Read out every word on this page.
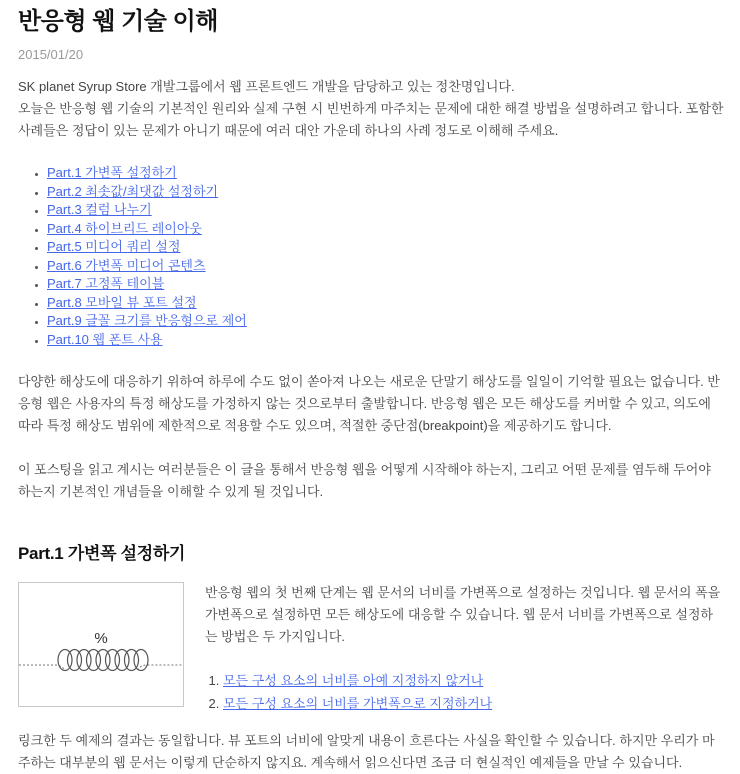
반응형 웹 기술 이해

2015/01/20

SK planet Syrup Store 개발그룹에서 웹 프론트엔드 개발을 담당하고 있는 정찬명입니다.
오늘은 반응형 웹 기술의 기본적인 원리와 실제 구현 시 빈번하게 마주치는 문제에 대한 해결 방법을 설명하려고 합니다. 포함한 사례들은 정답이 있는 문제가 아니기 때문에 여러 대안 가운데 하나의 사례 정도로 이해해 주세요.

• Part.1 가변폭 설정하기
• Part.2 최솟값/최댓값 설정하기
• Part.3 컬럼 나누기
• Part.4 하이브리드 레이아웃
• Part.5 미디어 쿼리 설정
• Part.6 가변폭 미디어 콘텐츠
• Part.7 고정폭 테이블
• Part.8 모바일 뷰 포트 설정
• Part.9 글꼴 크기를 반응형으로 제어
• Part.10 웹 폰트 사용

다양한 해상도에 대응하기 위하여 하루에 수도 없이 쏟아져 나오는 새로운 단말기 해상도를 일일이 기억할 필요는 없습니다. 반응형 웹은 사용자의 특정 해상도를 가정하지 않는 것으로부터 출발합니다. 반응형 웹은 모든 해상도를 커버할 수 있고, 의도에 따라 특정 해상도 범위에 제한적으로 적용할 수도 있으며, 적절한 중단점(breakpoint)을 제공하기도 합니다.

이 포스팅을 읽고 계시는 여러분들은 이 글을 통해서 반응형 웹을 어떻게 시작해야 하는지, 그리고 어떤 문제를 염두해 두어야 하는지 기본적인 개념들을 이해할 수 있게 될 것입니다.

Part.1 가변폭 설정하기
%

반응형 웹의 첫 번째 단계는 웹 문서의 너비를 가변폭으로 설정하는 것입니다. 웹 문서의 폭을 가변폭으로 설정하면 모든 해상도에 대응할 수 있습니다. 웹 문서 너비를 가변폭으로 설정하는 방법은 두 가지입니다.

1. 모든 구성 요소의 너비를 아예 지정하지 않거나
2. 모든 구성 요소의 너비를 가변폭으로 지정하거나

링크한 두 예제의 결과는 동일합니다. 뷰 포트의 너비에 알맞게 내용이 흐른다는 사실을 확인할 수 있습니다. 하지만 우리가 마주하는 대부분의 웹 문서는 이렇게 단순하지 않지요. 계속해서 읽으신다면 조금 더 현실적인 예제들을 만날 수 있습니다.
